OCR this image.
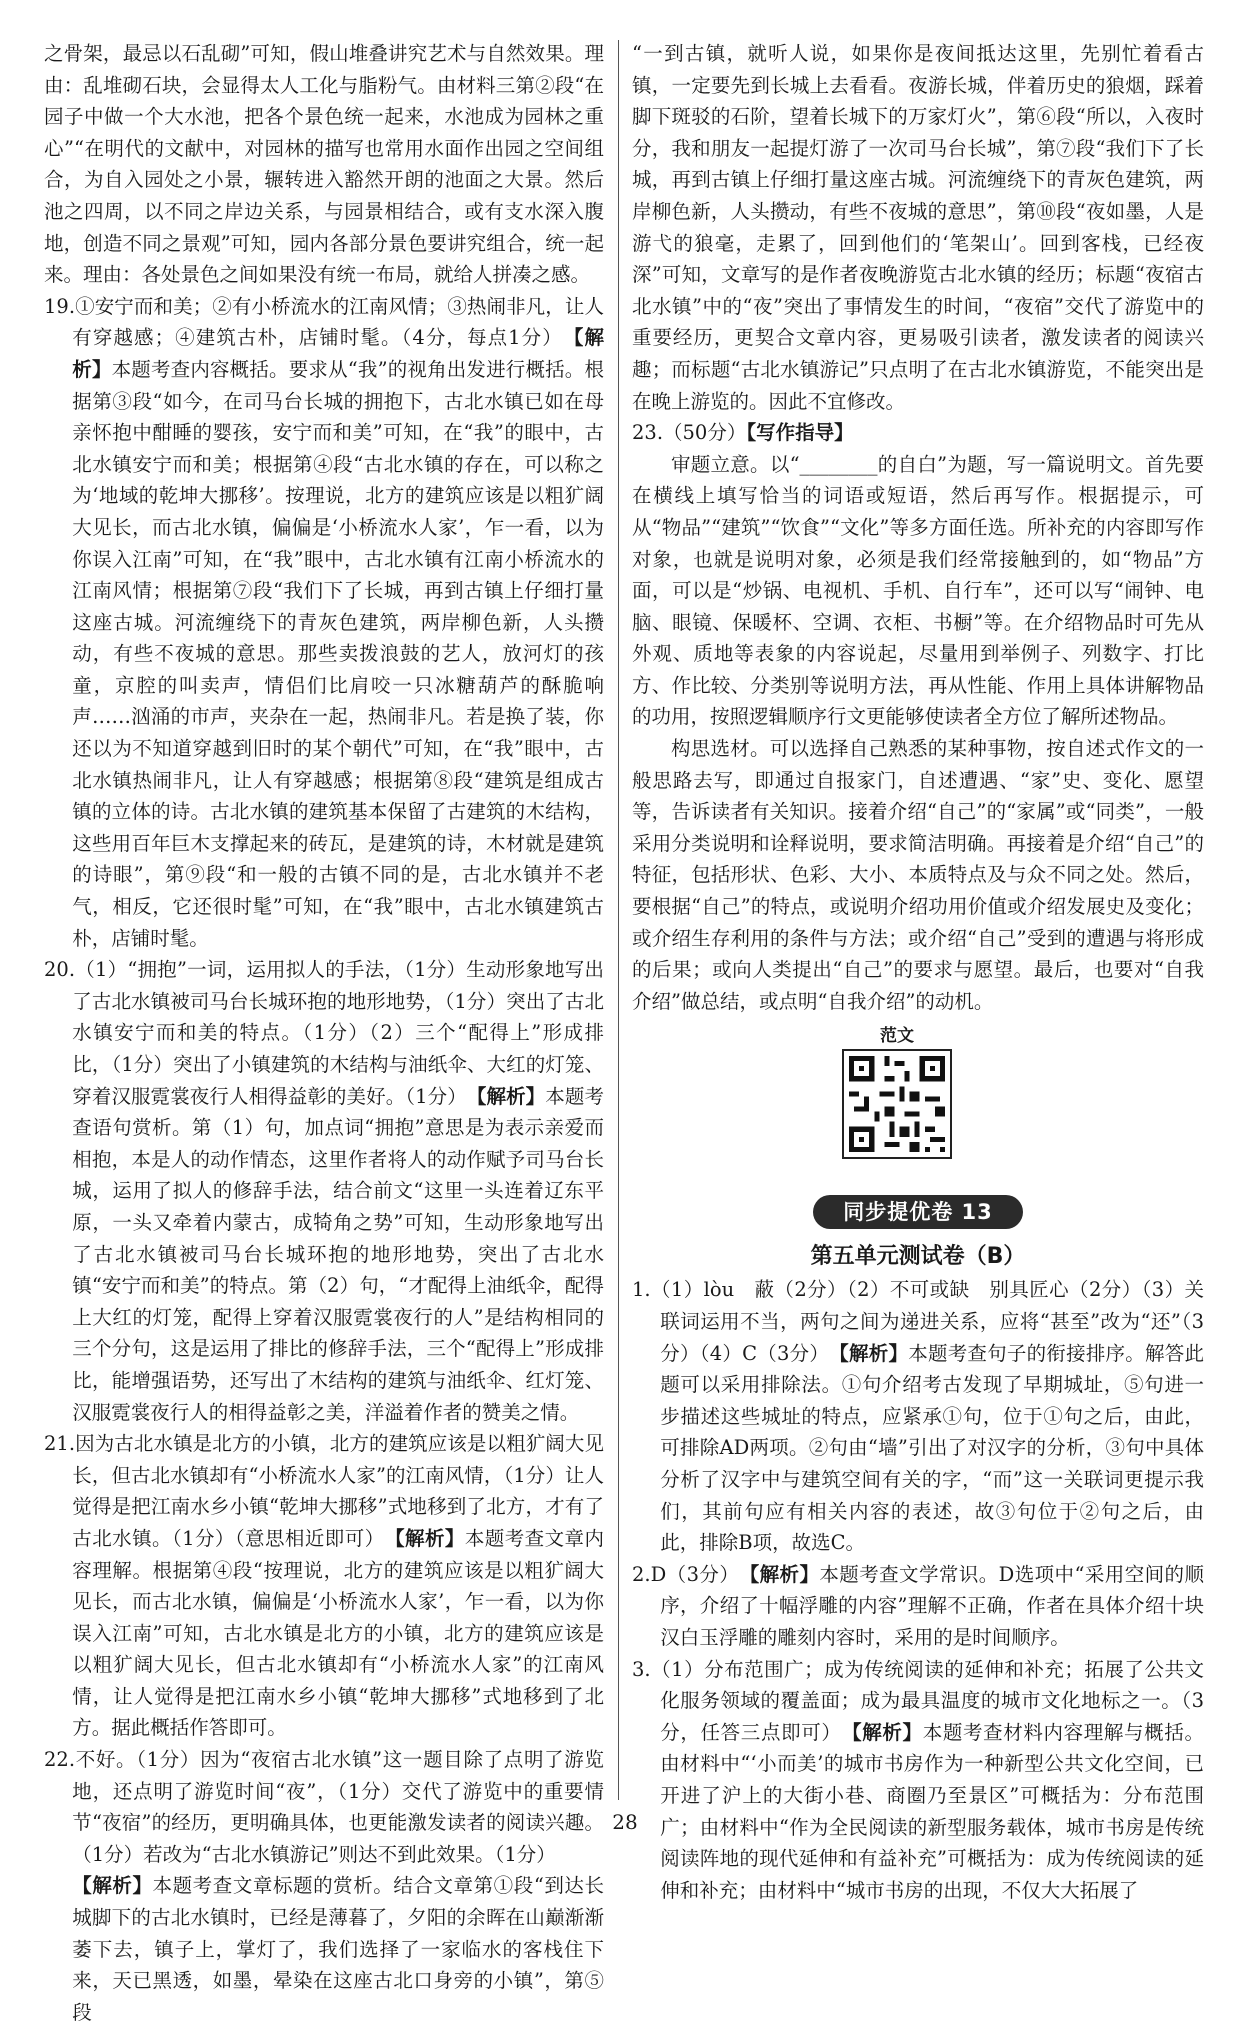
之骨架，最忌以石乱砌”可知，假山堆叠讲究艺术与自然效果。理由：乱堆砌石块，会显得太人工化与脂粉气。由材料三第②段“在园子中做一个大水池，把各个景色统一起来，水池成为园林之重心”“在明代的文献中，对园林的描写也常用水面作出园之空间组合，为自入园处之小景，辗转进入豁然开朗的池面之大景。然后池之四周，以不同之岸边关系，与园景相结合，或有支水深入腹地，创造不同之景观”可知，园内各部分景色要讲究组合，统一起来。理由：各处景色之间如果没有统一布局，就给人拼凑之感。

19.①安宁而和美；②有小桥流水的江南风情；③热闹非凡，让人有穿越感；④建筑古朴，店铺时髦。（4分，每点1分）　 【解析】本题考查内容概括。要求从“我”的视角出发进行概括。根据第③段“如今，在司马台长城的拥抱下，古北水镇已如在母亲怀抱中酣睡的婴孩，安宁而和美”可知，在“我”的眼中，古北水镇安宁而和美；根据第④段“古北水镇的存在，可以称之为‘地域的乾坤大挪移’。按理说，北方的建筑应该是以粗犷阔大见长，而古北水镇，偏偏是‘小桥流水人家’，乍一看，以为你误入江南”可知，在“我”眼中，古北水镇有江南小桥流水的江南风情；根据第⑦段“我们下了长城，再到古镇上仔细打量这座古城。河流缠绕下的青灰色建筑，两岸柳色新，人头攒动，有些不夜城的意思。那些卖拨浪鼓的艺人，放河灯的孩童，京腔的叫卖声，情侣们比肩咬一只冰糖葫芦的酥脆响声……汹涌的市声，夹杂在一起，热闹非凡。若是换了装，你还以为不知道穿越到旧时的某个朝代”可知，在“我”眼中，古北水镇热闹非凡，让人有穿越感；根据第⑧段“建筑是组成古镇的立体的诗。古北水镇的建筑基本保留了古建筑的木结构，这些用百年巨木支撑起来的砖瓦，是建筑的诗，木材就是建筑的诗眼”，第⑨段“和一般的古镇不同的是，古北水镇并不老气，相反，它还很时髦”可知，在“我”眼中，古北水镇建筑古朴，店铺时髦。

20.（1）“拥抱”一词，运用拟人的手法，（1分）生动形象地写出了古北水镇被司马台长城环抱的地形地势，（1分）突出了古北水镇安宁而和美的特点。（1分）（2）三个“配得上”形成排比，（1分）突出了小镇建筑的木结构与油纸伞、大红的灯笼、穿着汉服霓裳夜行人相得益彰的美好。（1分）　 【解析】本题考查语句赏析。第（1）句，加点词“拥抱”意思是为表示亲爱而相抱，本是人的动作情态，这里作者将人的动作赋予司马台长城，运用了拟人的修辞手法，结合前文“这里一头连着辽东平原，一头又牵着内蒙古，成犄角之势”可知，生动形象地写出了古北水镇被司马台长城环抱的地形地势，突出了古北水镇“安宁而和美”的特点。第（2）句，“才配得上油纸伞，配得上大红的灯笼，配得上穿着汉服霓裳夜行的人”是结构相同的三个分句，这是运用了排比的修辞手法，三个“配得上”形成排比，能增强语势，还写出了木结构的建筑与油纸伞、红灯笼、汉服霓裳夜行人的相得益彰之美，洋溢着作者的赞美之情。

21.因为古北水镇是北方的小镇，北方的建筑应该是以粗犷阔大见长，但古北水镇却有“小桥流水人家”的江南风情，（1分）让人觉得是把江南水乡小镇“乾坤大挪移”式地移到了北方，才有了古北水镇。（1分）（意思相近即可）　 【解析】本题考查文章内容理解。根据第④段“按理说，北方的建筑应该是以粗犷阔大见长，而古北水镇，偏偏是‘小桥流水人家’，乍一看，以为你误入江南”可知，古北水镇是北方的小镇，北方的建筑应该是以粗犷阔大见长，但古北水镇却有“小桥流水人家”的江南风情，让人觉得是把江南水乡小镇“乾坤大挪移”式地移到了北方。据此概括作答即可。

22.不好。（1分）因为“夜宿古北水镇”这一题目除了点明了游览地，还点明了游览时间“夜”，（1分）交代了游览中的重要情节“夜宿”的经历，更明确具体，也更能激发读者的阅读兴趣。（1分）若改为“古北水镇游记”则达不到此效果。（1分）
【解析】本题考查文章标题的赏析。结合文章第①段“到达长城脚下的古北水镇时，已经是薄暮了，夕阳的余晖在山巅渐渐萎下去，镇子上，掌灯了，我们选择了一家临水的客栈住下来，天已黑透，如墨，晕染在这座古北口身旁的小镇”，第⑤段

“一到古镇，就听人说，如果你是夜间抵达这里，先别忙着看古镇，一定要先到长城上去看看。夜游长城，伴着历史的狼烟，踩着脚下斑驳的石阶，望着长城下的万家灯火”，第⑥段“所以，入夜时分，我和朋友一起提灯游了一次司马台长城”，第⑦段“我们下了长城，再到古镇上仔细打量这座古城。河流缠绕下的青灰色建筑，两岸柳色新，人头攒动，有些不夜城的意思”，第⑩段“夜如墨，人是游弋的狼毫，走累了，回到他们的‘笔架山’。回到客栈，已经夜深”可知，文章写的是作者夜晚游览古北水镇的经历；标题“夜宿古北水镇”中的“夜”突出了事情发生的时间，“夜宿”交代了游览中的重要经历，更契合文章内容，更易吸引读者，激发读者的阅读兴趣；而标题“古北水镇游记”只点明了在古北水镇游览，不能突出是在晚上游览的。因此不宜修改。

23.（50分）【写作指导】

审题立意。以“________的自白”为题，写一篇说明文。首先要在横线上填写恰当的词语或短语，然后再写作。根据提示，可从“物品”“建筑”“饮食”“文化”等多方面任选。所补充的内容即写作对象，也就是说明对象，必须是我们经常接触到的，如“物品”方面，可以是“炒锅、电视机、手机、自行车”，还可以写“闹钟、电脑、眼镜、保暖杯、空调、衣柜、书橱”等。在介绍物品时可先从外观、质地等表象的内容说起，尽量用到举例子、列数字、打比方、作比较、分类别等说明方法，再从性能、作用上具体讲解物品的功用，按照逻辑顺序行文更能够使读者全方位了解所述物品。

构思选材。可以选择自己熟悉的某种事物，按自述式作文的一般思路去写，即通过自报家门，自述遭遇、“家”史、变化、愿望等，告诉读者有关知识。接着介绍“自己”的“家属”或“同类”，一般采用分类说明和诠释说明，要求简洁明确。再接着是介绍“自己”的特征，包括形状、色彩、大小、本质特点及与众不同之处。然后，要根据“自己”的特点，或说明介绍功用价值或介绍发展史及变化；或介绍生存利用的条件与方法；或介绍“自己”受到的遭遇与将形成的后果；或向人类提出“自己”的要求与愿望。最后，也要对“自我介绍”做总结，或点明“自我介绍”的动机。

范文
同步提优卷 13
第五单元测试卷（B）

1.（1）lòu　蔽（2分）（2）不可或缺　别具匠心（2分）（3）关联词运用不当，两句之间为递进关系，应将“甚至”改为“还”（3分）（4）C（3分）　 【解析】本题考查句子的衔接排序。解答此题可以采用排除法。①句介绍考古发现了早期城址，⑤句进一步描述这些城址的特点，应紧承①句，位于①句之后，由此，可排除AD两项。②句由“墙”引出了对汉字的分析，③句中具体分析了汉字中与建筑空间有关的字，“而”这一关联词更提示我们，其前句应有相关内容的表述，故③句位于②句之后，由此，排除B项，故选C。

2.D（3分）　 【解析】本题考查文学常识。D选项中“采用空间的顺序，介绍了十幅浮雕的内容”理解不正确，作者在具体介绍十块汉白玉浮雕的雕刻内容时，采用的是时间顺序。

3.（1）分布范围广；成为传统阅读的延伸和补充；拓展了公共文化服务领域的覆盖面；成为最具温度的城市文化地标之一。（3分，任答三点即可）　 【解析】本题考查材料内容理解与概括。由材料中“‘小而美’的城市书房作为一种新型公共文化空间，已开进了沪上的大街小巷、商圈乃至景区”可概括为：分布范围广；由材料中“作为全民阅读的新型服务载体，城市书房是传统阅读阵地的现代延伸和有益补充”可概括为：成为传统阅读的延伸和补充；由材料中“城市书房的出现，不仅大大拓展了

28
